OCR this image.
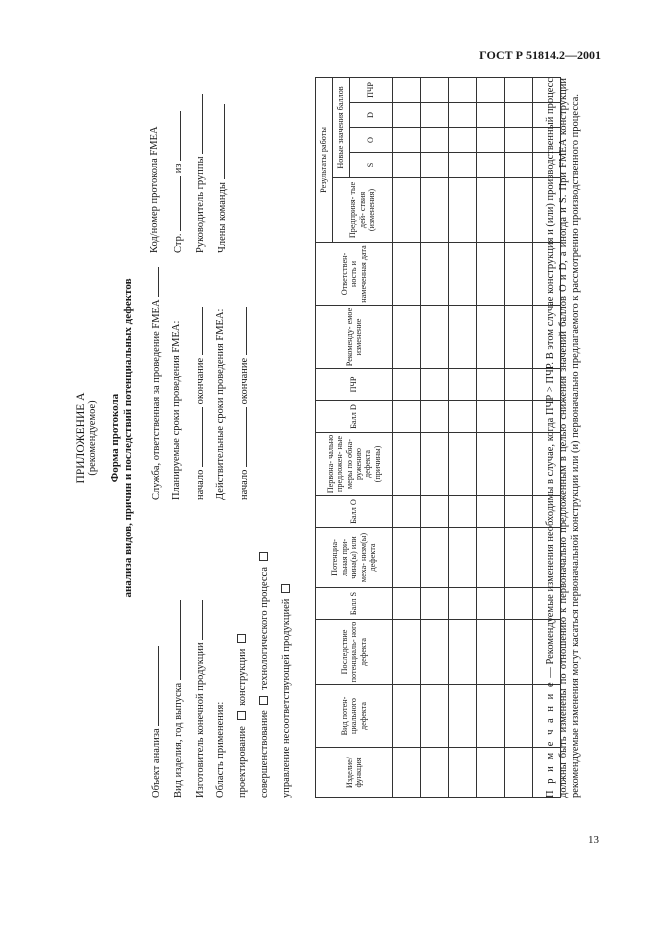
ГОСТ Р 51814.2—2001
ПРИЛОЖЕНИЕ А (рекомендуемое) Форма протокола анализа видов, причин и последствий потенциальных дефектов
Объект анализа Вид изделия, год выпуска Изготовитель конечной продукции Область применения: проектирование  конструкции
совершенствование  технологического процесса управление несоответствующей продукцией
Служба, ответственная за проведение FMEA Планируемые сроки проведения FMEA: начало  окончание Действительные сроки проведения FMEA: начало  окончание
Код/номер протокола FMEA Стр.  из Руководитель группы Члены команды
Изделие/ функция	Вид потен- циального дефекта	Последствие потенциаль- ного дефекта	Балл S	Потенциа- льная при- чина(ы) или меха- низм(ы) дефекта	Балл O	Первона- чально предложен- ные меры по обна- ружению дефекта (причины)	Балл D	ПЧР	Рекоменду- емое изменение	Ответствен- ность и намеченная дата	Результаты работы				
											Предприня- тые дей- ствия (изменения)	Новые значения баллов			
												S	O	D	ПЧР

П р и м е ч а н и е — Рекомендуемые изменения необходимы в случае, когда ПЧР > ПЧР. В этом случае конструкция и (или) производственный процесс должны быть изменены по отношению к первоначально предложенным в целью снижения значений баллов O и D, а иногда и S. При FMEA конструкции рекомендуемые изменения могут касаться первоначальной конструкции или (и) первоначально предлагаемого к рассмотрению производственного процесса.
13
